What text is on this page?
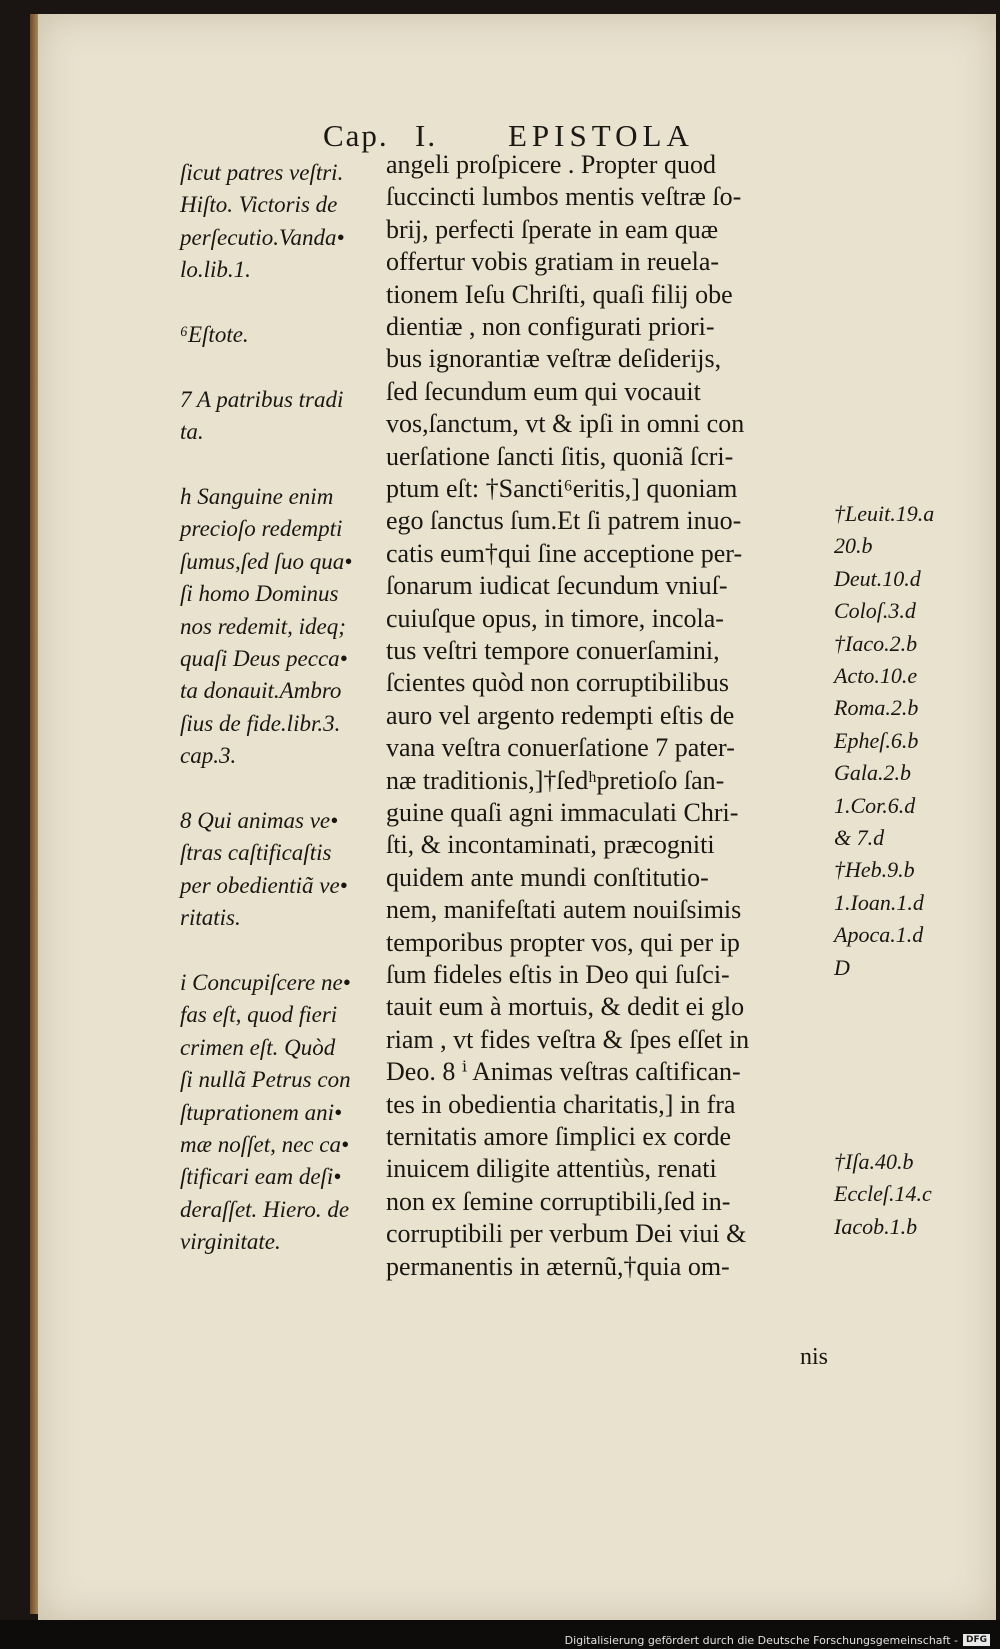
Cap. I. EPISTOLA
angeli proſpicere . Propter quod
ſuccincti lumbos mentis veſtræ ſo-
brij, perfecti ſperate in eam quæ
offertur vobis gratiam in reuela-
tionem Ieſu Chriſti, quaſi filij obe
dientiæ , non configurati priori-
bus ignorantiæ veſtræ deſiderijs,
ſed ſecundum eum qui vocauit
vos,ſanctum, vt & ipſi in omni con
uerſatione ſancti ſitis, quoniã ſcri-
ptum eſt: †Sancti⁶eritis,] quoniam
ego ſanctus ſum.Et ſi patrem inuo-
catis eum†qui ſine acceptione per-
ſonarum iudicat ſecundum vniuſ-
cuiuſque opus, in timore, incola-
tus veſtri tempore conuerſamini,
ſcientes quòd non corruptibilibus
auro vel argento redempti eſtis de
vana veſtra conuerſatione 7 pater-
næ traditionis,]†ſedʰpretioſo ſan-
guine quaſi agni immaculati Chri-
ſti, & incontaminati, præcogniti
quidem ante mundi conſtitutio-
nem, manifeſtati autem nouiſsimis
temporibus propter vos, qui per ip
ſum fideles eſtis in Deo qui ſuſci-
tauit eum à mortuis, & dedit ei glo
riam , vt fides veſtra & ſpes eſſet in
Deo. 8 ⁱ Animas veſtras caſtifican-
tes in obedientia charitatis,] in fra
ternitatis amore ſimplici ex corde
inuicem diligite attentiùs, renati
non ex ſemine corruptibili,ſed in-
corruptibili per verbum Dei viui &
permanentis in æternũ,†quia om-
ſicut patres veſtri.
Hiſto. Victoris de
perſecutio.Vanda•
lo.lib.1.
⁶Eſtote.
7 A patribus tradi
ta.
h Sanguine enim
precioſo redempti
ſumus,ſed ſuo qua•
ſi homo Dominus
nos redemit, ideq;
quaſi Deus pecca•
ta donauit.Ambro
ſius de fide.libr.3.
cap.3.
8 Qui animas ve•
ſtras caſtificaſtis
per obedientiã ve•
ritatis.
i Concupiſcere ne•
fas eſt, quod fieri
crimen eſt. Quòd
ſi nullã Petrus con
ſtuprationem ani•
mæ noſſet, nec ca•
ſtificari eam deſi•
deraſſet. Hiero. de
virginitate.
†Leuit.19.a
20.b
Deut.10.d
Coloſ.3.d
†Iaco.2.b
Acto.10.e
Roma.2.b
Epheſ.6.b
Gala.2.b
1.Cor.6.d
& 7.d
†Heb.9.b
1.Ioan.1.d
Apoca.1.d
D
†Iſa.40.b
Eccleſ.14.c
Iacob.1.b
nis
Digitalisierung gefördert durch die Deutsche Forschungsgemeinschaft - DFG
